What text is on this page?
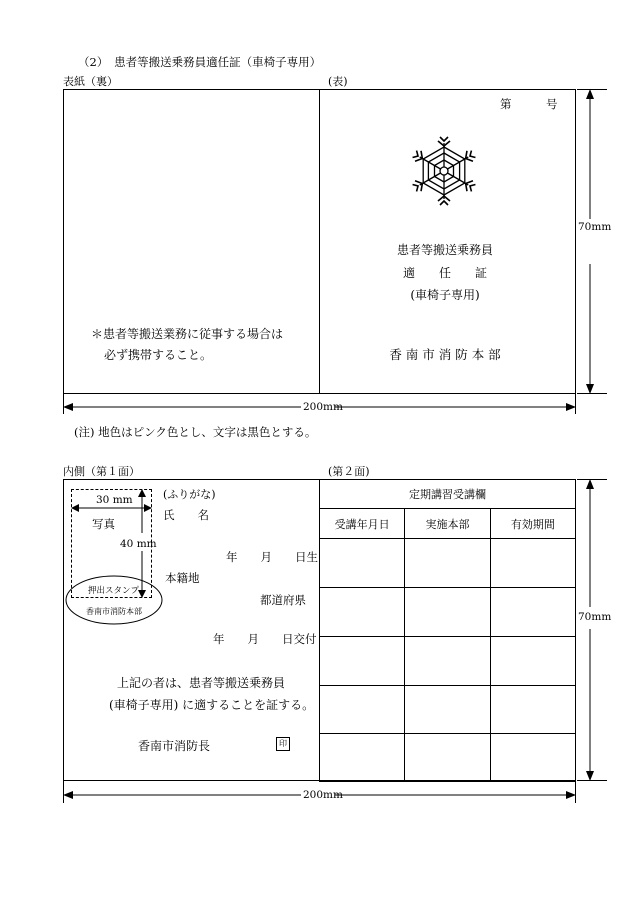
（2）　患者等搬送乗務員適任証（車椅子専用）
表紙（裏）	(表)
第　　　号
患者等搬送乗務員
適　　任　　証
(車椅子専用)
香 南 市 消 防 本 部
＊患者等搬送業務に従事する場合は
必ず携帯すること。
70mm
200mm
(注) 地色はピンク色とし、文字は黒色とする。
内側（第１面）	(第２面)
30 mm
写真
40 mm
押出スタンプ
香南市消防本部
(ふりがな)
氏　　名
年　　月　　日生
本籍地
都道府県
年　　月　　日交付
上記の者は、患者等搬送乗務員
(車椅子専用) に適することを証する。
香南市消防長	印
定期講習受講欄		
受講年月日	実施本部	有効期間

70mm
200mm
